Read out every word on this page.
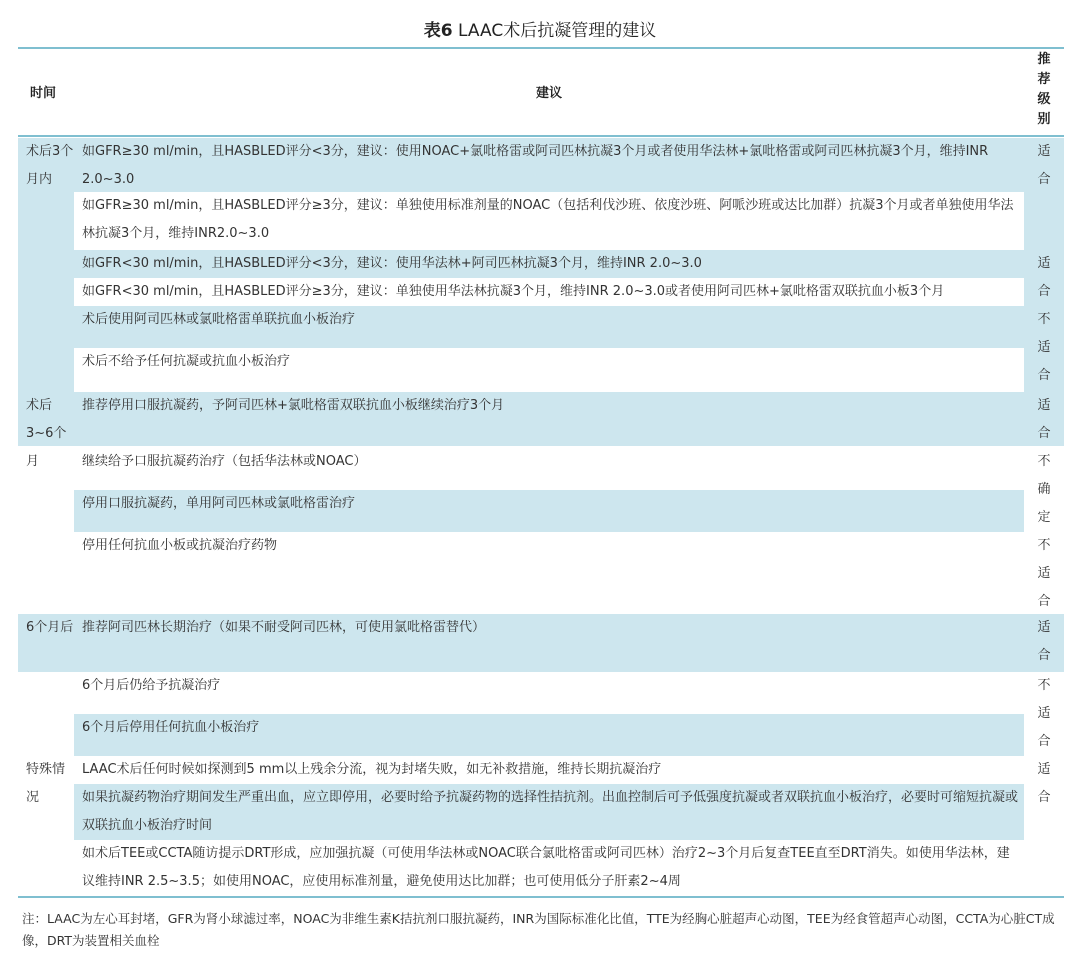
表6 LAAC术后抗凝管理的建议
时间	建议
推荐级别
术后3个月内
术后3~6个月
6个月后
特殊情况
如GFR≥30 ml/min，且HASBLED评分<3分，建议：使用NOAC+氯吡格雷或阿司匹林抗凝3个月或者使用华法林+氯吡格雷或阿司匹林抗凝3个月，维持INR 2.0~3.0
如GFR≥30 ml/min，且HASBLED评分≥3分，建议：单独使用标准剂量的NOAC（包括利伐沙班、依度沙班、阿哌沙班或达比加群）抗凝3个月或者单独使用华法林抗凝3个月，维持INR2.0~3.0
如GFR<30 ml/min，且HASBLED评分<3分，建议：使用华法林+阿司匹林抗凝3个月，维持INR 2.0~3.0
如GFR<30 ml/min，且HASBLED评分≥3分，建议：单独使用华法林抗凝3个月，维持INR 2.0~3.0或者使用阿司匹林+氯吡格雷双联抗血小板3个月
术后使用阿司匹林或氯吡格雷单联抗血小板治疗
术后不给予任何抗凝或抗血小板治疗
推荐停用口服抗凝药，予阿司匹林+氯吡格雷双联抗血小板继续治疗3个月
继续给予口服抗凝药治疗（包括华法林或NOAC）
停用口服抗凝药，单用阿司匹林或氯吡格雷治疗
停用任何抗血小板或抗凝治疗药物
推荐阿司匹林长期治疗（如果不耐受阿司匹林，可使用氯吡格雷替代）
6个月后仍给予抗凝治疗
6个月后停用任何抗血小板治疗
LAAC术后任何时候如探测到5 mm以上残余分流，视为封堵失败，如无补救措施，维持长期抗凝治疗
如果抗凝药物治疗期间发生严重出血，应立即停用，必要时给予抗凝药物的选择性拮抗剂。出血控制后可予低强度抗凝或者双联抗血小板治疗，必要时可缩短抗凝或双联抗血小板治疗时间
如术后TEE或CCTA随访提示DRT形成，应加强抗凝（可使用华法林或NOAC联合氯吡格雷或阿司匹林）治疗2~3个月后复查TEE直至DRT消失。如使用华法林，建议维持INR 2.5~3.5；如使用NOAC，应使用标准剂量，避免使用达比加群；也可使用低分子肝素2~4周
适合
适合
不适合
适合
不确定
不适合
适合
不适合
适合
注：LAAC为左心耳封堵，GFR为肾小球滤过率，NOAC为非维生素K拮抗剂口服抗凝药，INR为国际标准化比值，TTE为经胸心脏超声心动图，TEE为经食管超声心动图，CCTA为心脏CT成像，DRT为装置相关血栓
